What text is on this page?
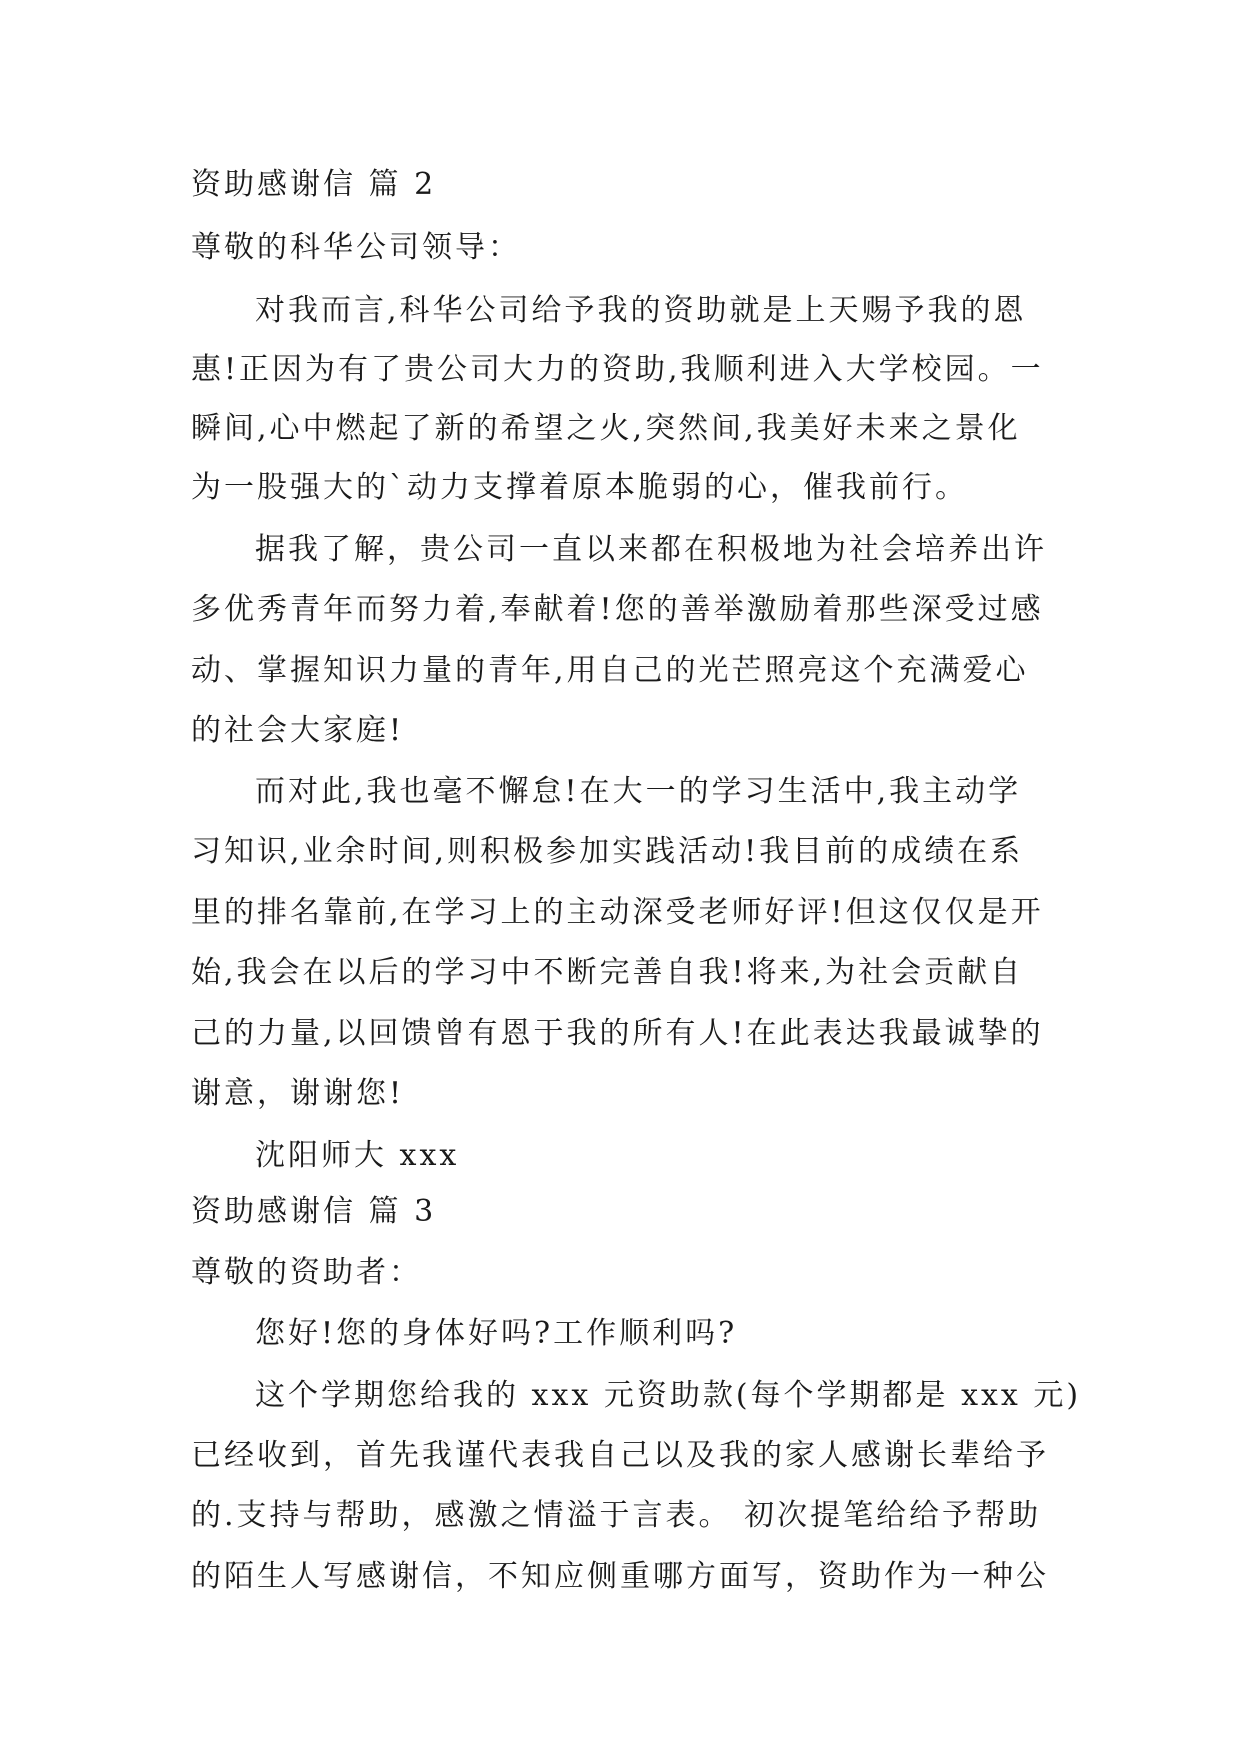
资助感谢信 篇 2
尊敬的科华公司领导：
对我而言,科华公司给予我的资助就是上天赐予我的恩
惠!正因为有了贵公司大力的资助,我顺利进入大学校园。一
瞬间,心中燃起了新的希望之火,突然间,我美好未来之景化
为一股强大的`动力支撑着原本脆弱的心，催我前行。
据我了解，贵公司一直以来都在积极地为社会培养出许
多优秀青年而努力着,奉献着!您的善举激励着那些深受过感
动、掌握知识力量的青年,用自己的光芒照亮这个充满爱心
的社会大家庭!
而对此,我也毫不懈怠!在大一的学习生活中,我主动学
习知识,业余时间,则积极参加实践活动!我目前的成绩在系
里的排名靠前,在学习上的主动深受老师好评!但这仅仅是开
始,我会在以后的学习中不断完善自我!将来,为社会贡献自
己的力量,以回馈曾有恩于我的所有人!在此表达我最诚挚的
谢意，谢谢您!
沈阳师大 xxx
资助感谢信 篇 3
尊敬的资助者：
您好!您的身体好吗?工作顺利吗?
这个学期您给我的 xxx 元资助款(每个学期都是 xxx 元)
已经收到，首先我谨代表我自己以及我的家人感谢长辈给予
的.支持与帮助，感激之情溢于言表。 初次提笔给给予帮助
的陌生人写感谢信，不知应侧重哪方面写，资助作为一种公
